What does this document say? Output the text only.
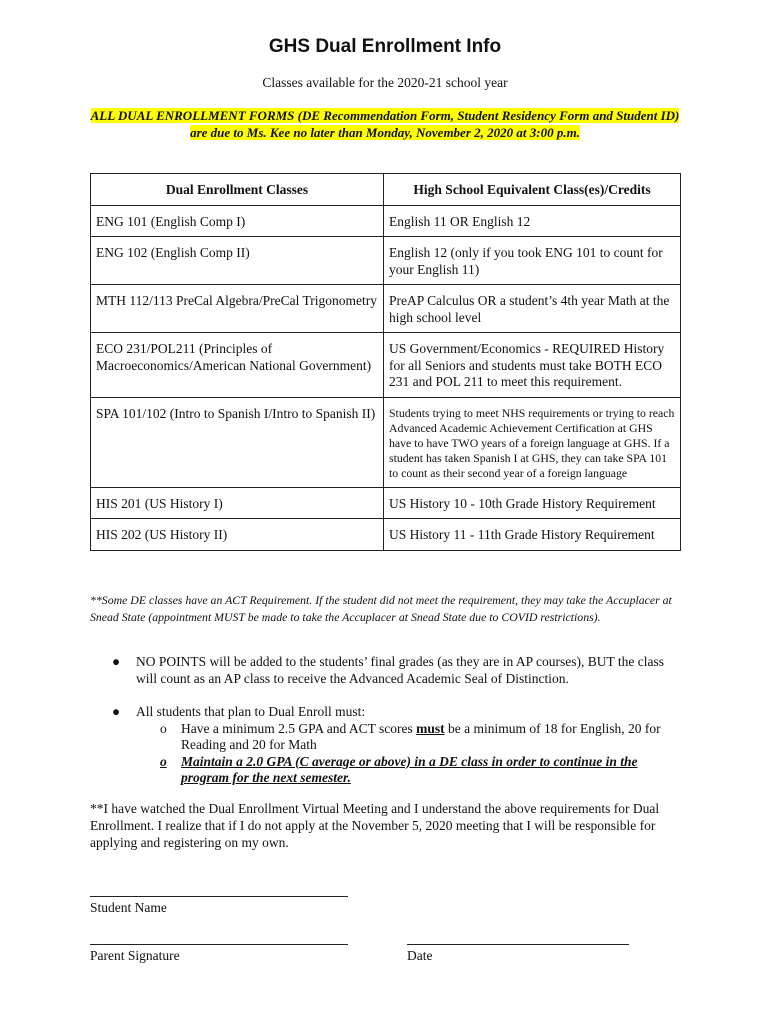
GHS Dual Enrollment Info
Classes available for the 2020-21 school year
ALL DUAL ENROLLMENT FORMS (DE Recommendation Form, Student Residency Form and Student ID) are due to Ms. Kee no later than Monday, November 2, 2020 at 3:00 p.m.
Dual Enrollment Classes	High School Equivalent Class(es)/Credits
ENG 101 (English Comp I)	English 11 OR English 12
ENG 102 (English Comp II)	English 12 (only if you took ENG 101 to count for your English 11)
MTH 112/113 PreCal Algebra/PreCal Trigonometry	PreAP Calculus OR a student’s 4th year Math at the high school level
ECO 231/POL211 (Principles of Macroeconomics/American National Government)	US Government/Economics - REQUIRED History for all Seniors and students must take BOTH ECO 231 and POL 211 to meet this requirement.
SPA 101/102 (Intro to Spanish I/Intro to Spanish II)	Students trying to meet NHS requirements or trying to reach Advanced Academic Achievement Certification at GHS have to have TWO years of a foreign language at GHS. If a student has taken Spanish I at GHS, they can take SPA 101 to count as their second year of a foreign language
HIS 201 (US History I)	US History 10 - 10th Grade History Requirement
HIS 202 (US History II)	US History 11 - 11th Grade History Requirement
**Some DE classes have an ACT Requirement. If the student did not meet the requirement, they may take the Accuplacer at Snead State (appointment MUST be made to take the Accuplacer at Snead State due to COVID restrictions).
● NO POINTS will be added to the students’ final grades (as they are in AP courses), BUT the class will count as an AP class to receive the Advanced Academic Seal of Distinction.
● All students that plan to Dual Enroll must:
o Have a minimum 2.5 GPA and ACT scores must be a minimum of 18 for English, 20 for Reading and 20 for Math
o Maintain a 2.0 GPA (C average or above) in a DE class in order to continue in the program for the next semester.
**I have watched the Dual Enrollment Virtual Meeting and I understand the above requirements for Dual Enrollment. I realize that if I do not apply at the November 5, 2020 meeting that I will be responsible for applying and registering on my own.
Student Name
Parent Signature	Date
